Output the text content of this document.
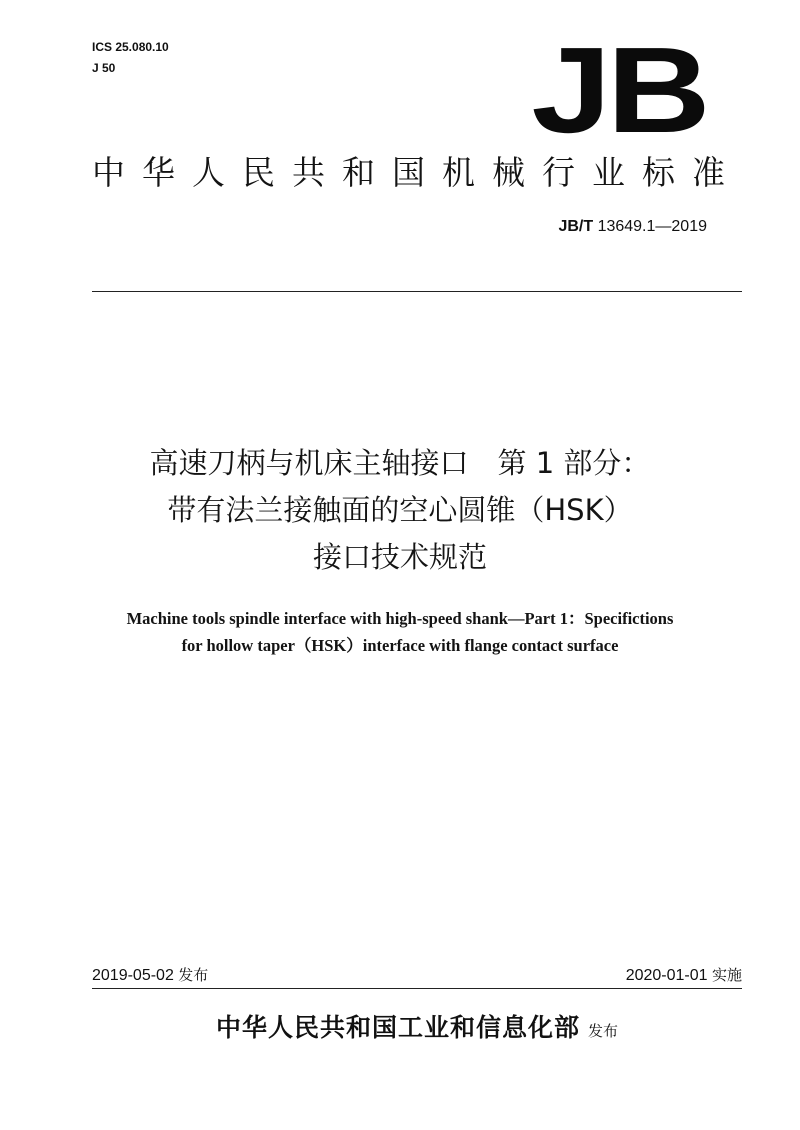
ICS 25.080.10
J 50	JB
中华人民共和国机械行业标准
JB/T 13649.1—2019
高速刀柄与机床主轴接口　第 1 部分：
带有法兰接触面的空心圆锥（HSK）
接口技术规范
Machine tools spindle interface with high-speed shank—Part 1：Specifictions
for hollow taper（HSK）interface with flange contact surface
2019-05-02 发布	2020-01-01 实施
中华人民共和国工业和信息化部 发布
